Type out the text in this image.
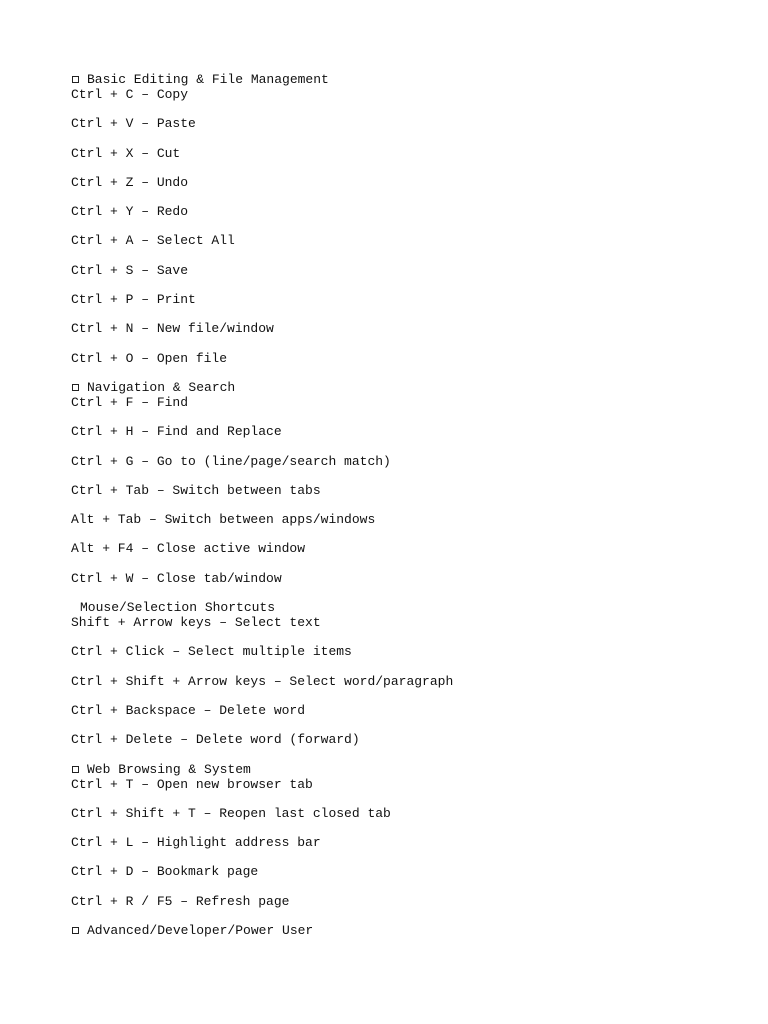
Basic Editing & File Management
Ctrl + C – Copy
Ctrl + V – Paste
Ctrl + X – Cut
Ctrl + Z – Undo
Ctrl + Y – Redo
Ctrl + A – Select All
Ctrl + S – Save
Ctrl + P – Print
Ctrl + N – New file/window
Ctrl + O – Open file
Navigation & Search
Ctrl + F – Find
Ctrl + H – Find and Replace
Ctrl + G – Go to (line/page/search match)
Ctrl + Tab – Switch between tabs
Alt + Tab – Switch between apps/windows
Alt + F4 – Close active window
Ctrl + W – Close tab/window
Mouse/Selection Shortcuts
Shift + Arrow keys – Select text
Ctrl + Click – Select multiple items
Ctrl + Shift + Arrow keys – Select word/paragraph
Ctrl + Backspace – Delete word
Ctrl + Delete – Delete word (forward)
Web Browsing & System
Ctrl + T – Open new browser tab
Ctrl + Shift + T – Reopen last closed tab
Ctrl + L – Highlight address bar
Ctrl + D – Bookmark page
Ctrl + R / F5 – Refresh page
Advanced/Developer/Power User
